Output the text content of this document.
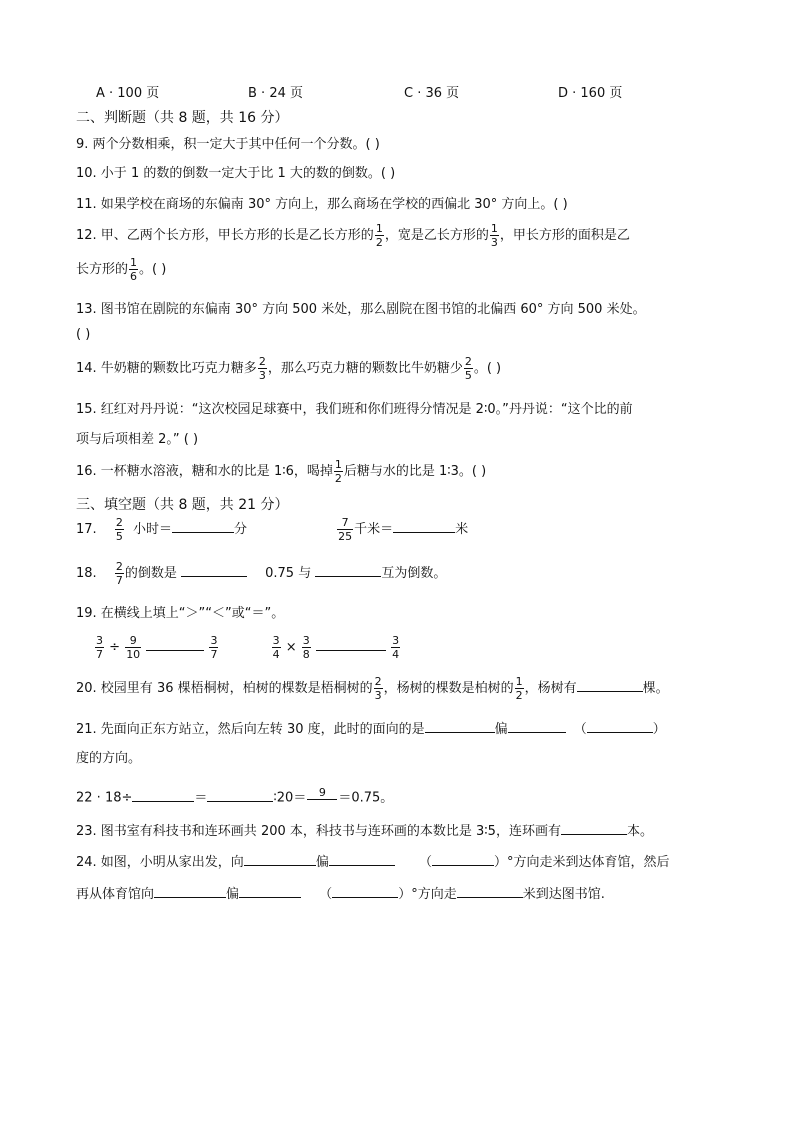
A · 100 页	B · 24 页	C · 36 页	D · 160 页
二、判断题（共 8 题，共 16 分）
9. 两个分数相乘，积一定大于其中任何一个分数。( )
10. 小于 1 的数的倒数一定大于比 1 大的数的倒数。( )
11. 如果学校在商场的东偏南 30° 方向上，那么商场在学校的西偏北 30° 方向上。( )
12. 甲、乙两个长方形，甲长方形的长是乙长方形的 $\frac{1}{2}$ ，宽是乙长方形的 $\frac{1}{3}$ ，甲长方形的面积是乙
长方形的 $\frac{1}{6}$ 。( )
13. 图书馆在剧院的东偏南 30° 方向 500 米处，那么剧院在图书馆的北偏西 60° 方向 500 米处。
( )
14. 牛奶糖的颗数比巧克力糖多 $\frac{2}{3}$ ，那么巧克力糖的颗数比牛奶糖少 $\frac{2}{5}$ 。( )
15. 红红对丹丹说：“这次校园足球赛中，我们班和你们班得分情况是 2∶0。”丹丹说：“这个比的前
项与后项相差 2。” ( )
16. 一杯糖水溶液，糖和水的比是 1∶6，喝掉 $\frac{1}{2}$ 后糖与水的比是 1∶3。( )
三、填空题（共 8 题，共 21 分）
17. $\frac{2}{5}$ 小时＝	分	$\frac{7}{25}$ 千米＝	米
18. $\frac{2}{7}$ 的倒数是	0.75 与	互为倒数。
19. 在横线上填上“＞”“＜”或“＝”。
$\frac{3}{7} \div \frac{9}{10}$
	$\frac{3}{7}$
	$\frac{3}{4} \times \frac{3}{8}$
	$\frac{3}{4}$
20. 校园里有 36 棵梧桐树，柏树的棵数是梧桐树的 $\frac{2}{3}$ ，杨树的棵数是柏树的 $\frac{1}{2}$ ，杨树有	棵。
21. 先面向正东方站立，然后向左转 30 度，此时的面向的是	偏	（	）
度的方向。
22 · 18÷	＝	∶20＝	9 ＝0.75。
23. 图书室有科技书和连环画共 200 本，科技书与连环画的本数比是 3∶5，连环画有	本。
24. 如图，小明从家出发，向	偏	（	）°方向走米到达体育馆，然后
再从体育馆向	偏	（	）°方向走	米到达图书馆.
